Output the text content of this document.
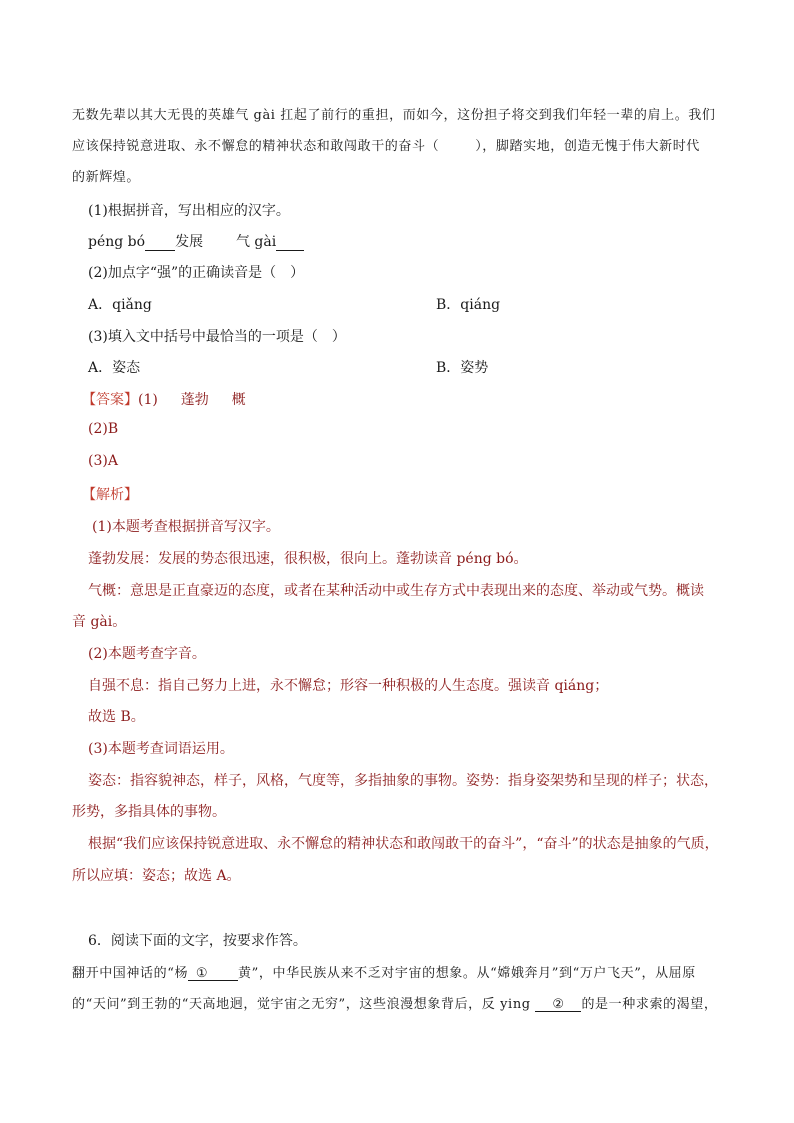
无数先辈以其大无畏的英雄气 gài 扛起了前行的重担，而如今，这份担子将交到我们年轻一辈的肩上。我们
应该保持锐意进取、永不懈怠的精神状态和敢闯敢干的奋斗（	），脚踏实地，创造无愧于伟大新时代
的新辉煌。
(1)根据拼音，写出相应的汉字。
péng bó 发展 气 gài
(2)加点字“强”的正确读音是（　）
A．qiǎng	B．qiáng
(3)填入文中括号中最恰当的一项是（　）
A．姿态	B．姿势
【答案】(1) 蓬勃 概
(2)B
(3)A
【解析】
(1)本题考查根据拼音写汉字。
蓬勃发展：发展的势态很迅速，很积极，很向上。蓬勃读音 péng bó。
气概：意思是正直豪迈的态度，或者在某种活动中或生存方式中表现出来的态度、举动或气势。概读
音 gài。
(2)本题考查字音。
自强不息：指自己努力上进，永不懈怠；形容一种积极的人生态度。强读音 qiáng；
故选 B。
(3)本题考查词语运用。
姿态：指容貌神态，样子，风格，气度等，多指抽象的事物。姿势：指身姿架势和呈现的样子；状态，
形势，多指具体的事物。
根据“我们应该保持锐意进取、永不懈怠的精神状态和敢闯敢干的奋斗”，“奋斗”的状态是抽象的气质，
所以应填：姿态；故选 A。
6．阅读下面的文字，按要求作答。
翻开中国神话的“杨 ① 黄”，中华民族从来不乏对宇宙的想象。从“嫦娥奔月”到“万户飞天”，从屈原
的“天问”到王勃的“天高地迥，觉宇宙之无穷”，这些浪漫想象背后，反 ying ② 的是一种求索的渴望，
